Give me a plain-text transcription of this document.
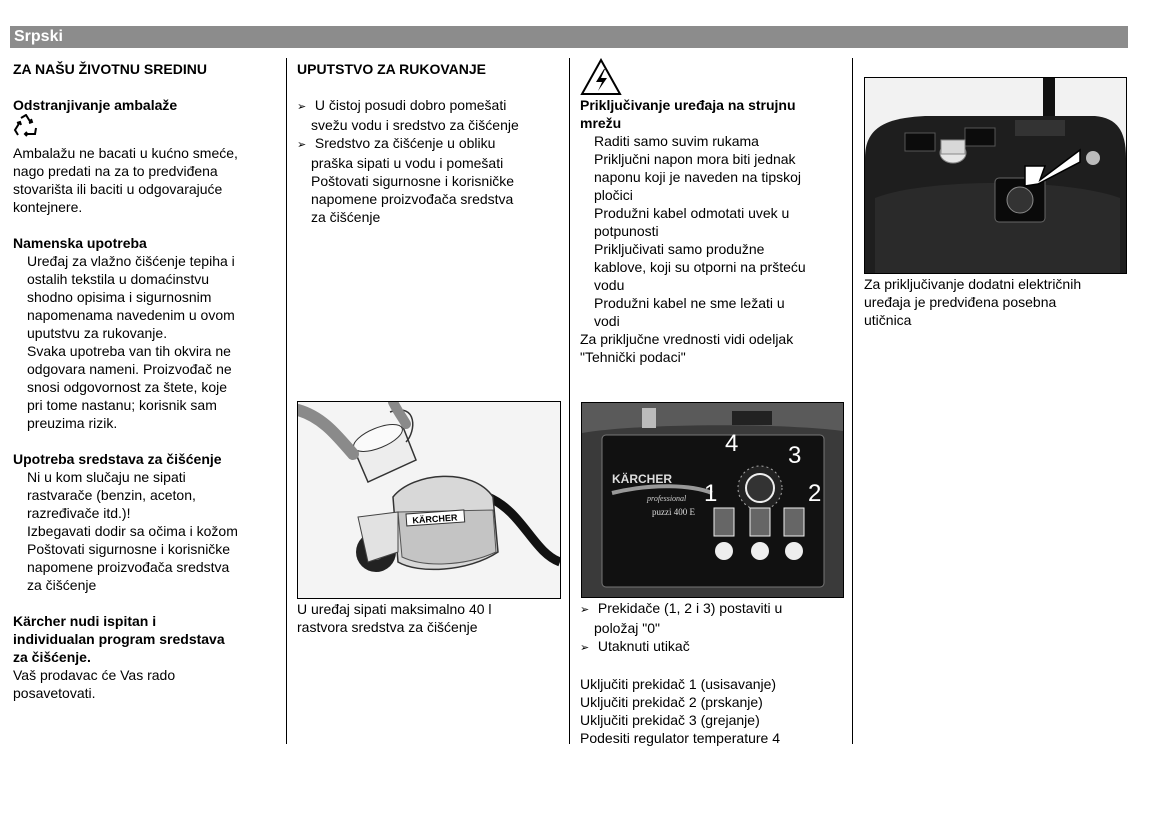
Srpski

ZA NAŠU ŽIVOTNU SREDINU

Odstranjivanje ambalaže

Ambalažu ne bacati u kućno smeće,

nago predati na za to predviđena

stovarišta ili baciti u odgovarajuće

kontejnere.

Namenska upotreba

Uređaj za vlažno čišćenje tepiha i

ostalih tekstila u domaćinstvu

shodno opisima i sigurnosnim

napomenama navedenim u ovom

uputstvu za rukovanje.

Svaka upotreba van tih okvira ne

odgovara nameni. Proizvođač ne

snosi odgovornost za štete, koje

pri tome nastanu; korisnik sam

preuzima rizik.

Upotreba sredstava za čišćenje

Ni u kom slučaju ne sipati

rastvarače (benzin, aceton,

razređivače itd.)!

Izbegavati dodir sa očima i kožom

Poštovati sigurnosne i korisničke

napomene proizvođača sredstva

za čišćenje

Kärcher nudi ispitan i

individualan program sredstava

za čišćenje.

Vaš prodavac će Vas rado

posavetovati.

UPUTSTVO ZA RUKOVANJE

➢ U čistoj posudi dobro pomešati
svežu vodu i sredstvo za čišćenje
➢ Sredstvo za čišćenje u obliku
praška sipati u vodu i pomešati
Poštovati sigurnosne i korisničke
napomene proizvođača sredstva
za čišćenje
KÄRCHER

U uređaj sipati maksimalno 40 l

rastvora sredstva za čišćenje

Priključivanje uređaja na strujnu

mrežu

Raditi samo suvim rukama

Priključni napon mora biti jednak

naponu koji je naveden na tipskoj

pločici

Produžni kabel odmotati uvek u

potpunosti

Priključivati samo produžne

kablove, koji su otporni na pršteću

vodu

Produžni kabel ne sme ležati u

vodi

Za priključne vrednosti vidi odeljak

"Tehnički podaci"

KÄRCHER
professional
puzzi 400 E
4 3
1	2
➢ Prekidače (1, 2 i 3) postaviti u
položaj "0"
➢ Utaknuti utikač

Uključiti prekidač 1 (usisavanje)

Uključiti prekidač 2 (prskanje)

Uključiti prekidač 3 (grejanje)

Podesiti regulator temperature 4

Za priključivanje dodatni električnih

uređaja je predviđena posebna

utičnica
